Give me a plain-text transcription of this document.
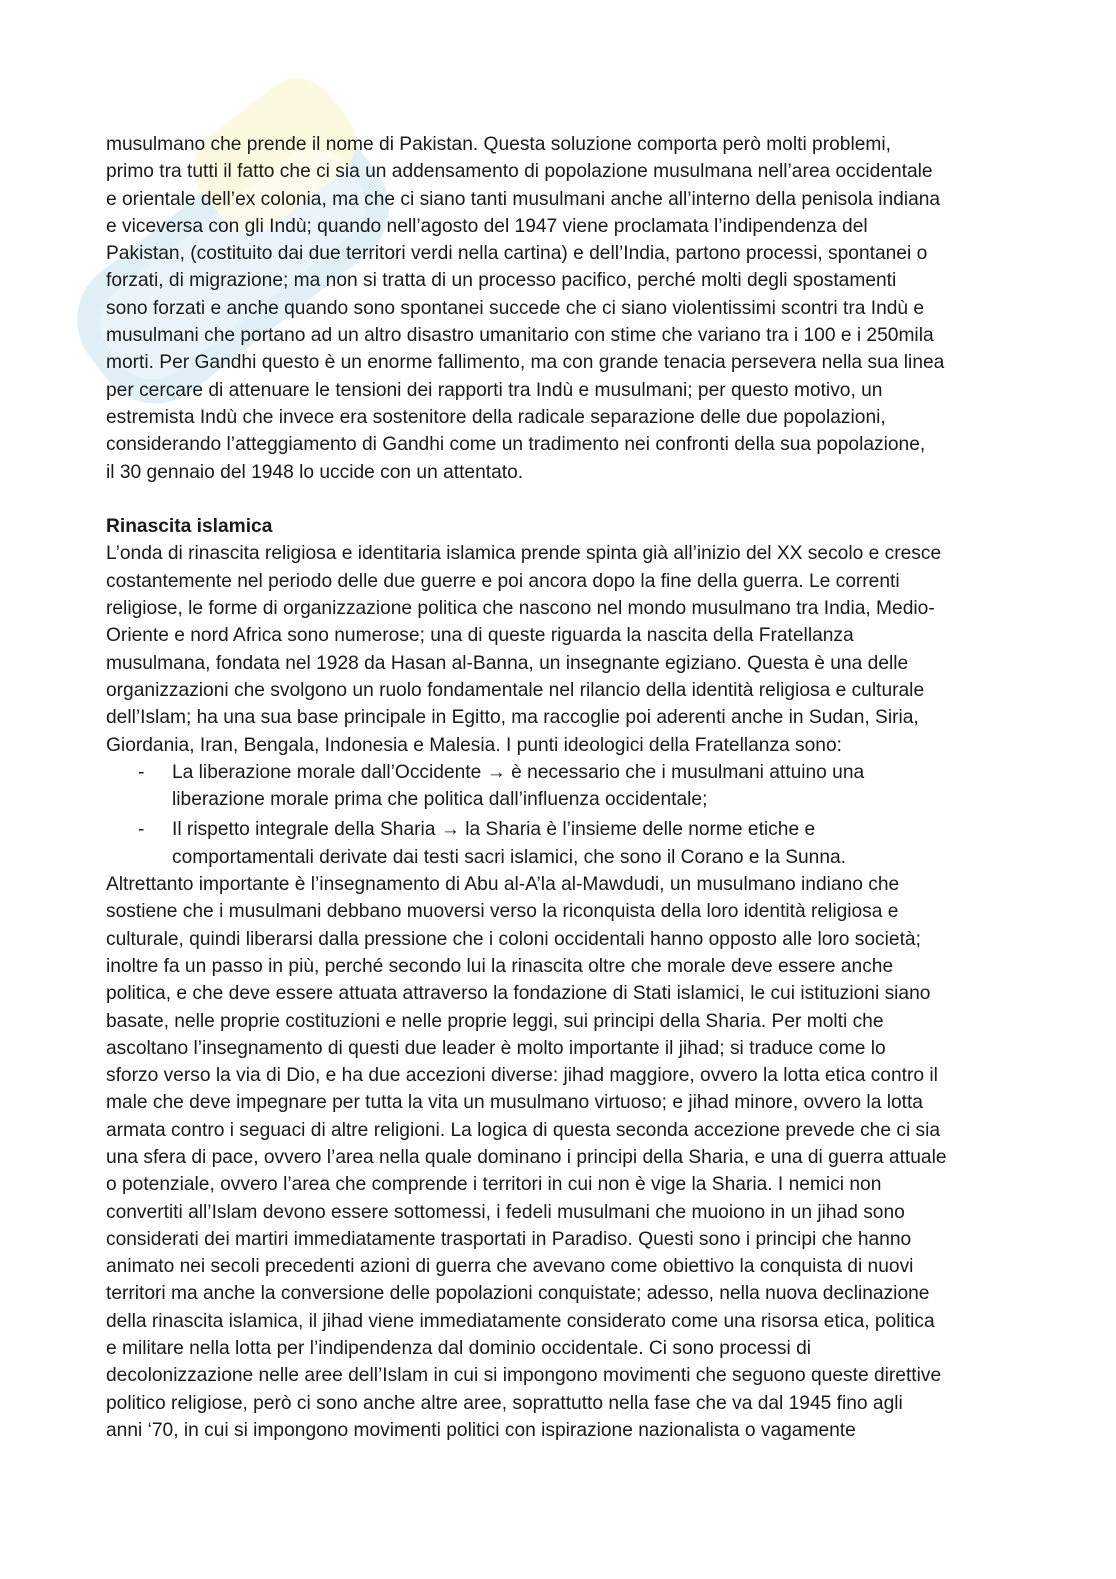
musulmano che prende il nome di Pakistan. Questa soluzione comporta però molti problemi,
primo tra tutti il fatto che ci sia un addensamento di popolazione musulmana nell’area occidentale
e orientale dell’ex colonia, ma che ci siano tanti musulmani anche all’interno della penisola indiana
e viceversa con gli Indù; quando nell’agosto del 1947 viene proclamata l’indipendenza del
Pakistan, (costituito dai due territori verdi nella cartina) e dell’India, partono processi, spontanei o
forzati, di migrazione; ma non si tratta di un processo pacifico, perché molti degli spostamenti
sono forzati e anche quando sono spontanei succede che ci siano violentissimi scontri tra Indù e
musulmani che portano ad un altro disastro umanitario con stime che variano tra i 100 e i 250mila
morti. Per Gandhi questo è un enorme fallimento, ma con grande tenacia persevera nella sua linea
per cercare di attenuare le tensioni dei rapporti tra Indù e musulmani; per questo motivo, un
estremista Indù che invece era sostenitore della radicale separazione delle due popolazioni,
considerando l’atteggiamento di Gandhi come un tradimento nei confronti della sua popolazione,
il 30 gennaio del 1948 lo uccide con un attentato.
Rinascita islamica
L’onda di rinascita religiosa e identitaria islamica prende spinta già all’inizio del XX secolo e cresce
costantemente nel periodo delle due guerre e poi ancora dopo la fine della guerra. Le correnti
religiose, le forme di organizzazione politica che nascono nel mondo musulmano tra India, Medio-
Oriente e nord Africa sono numerose; una di queste riguarda la nascita della Fratellanza
musulmana, fondata nel 1928 da Hasan al-Banna, un insegnante egiziano. Questa è una delle
organizzazioni che svolgono un ruolo fondamentale nel rilancio della identità religiosa e culturale
dell’Islam; ha una sua base principale in Egitto, ma raccoglie poi aderenti anche in Sudan, Siria,
Giordania, Iran, Bengala, Indonesia e Malesia. I punti ideologici della Fratellanza sono:
- La liberazione morale dall’Occidente → è necessario che i musulmani attuino una
liberazione morale prima che politica dall’influenza occidentale;
- Il rispetto integrale della Sharia → la Sharia è l’insieme delle norme etiche e
comportamentali derivate dai testi sacri islamici, che sono il Corano e la Sunna.
Altrettanto importante è l’insegnamento di Abu al-A’la al-Mawdudi, un musulmano indiano che
sostiene che i musulmani debbano muoversi verso la riconquista della loro identità religiosa e
culturale, quindi liberarsi dalla pressione che i coloni occidentali hanno opposto alle loro società;
inoltre fa un passo in più, perché secondo lui la rinascita oltre che morale deve essere anche
politica, e che deve essere attuata attraverso la fondazione di Stati islamici, le cui istituzioni siano
basate, nelle proprie costituzioni e nelle proprie leggi, sui principi della Sharia. Per molti che
ascoltano l’insegnamento di questi due leader è molto importante il jihad; si traduce come lo
sforzo verso la via di Dio, e ha due accezioni diverse: jihad maggiore, ovvero la lotta etica contro il
male che deve impegnare per tutta la vita un musulmano virtuoso; e jihad minore, ovvero la lotta
armata contro i seguaci di altre religioni. La logica di questa seconda accezione prevede che ci sia
una sfera di pace, ovvero l’area nella quale dominano i principi della Sharia, e una di guerra attuale
o potenziale, ovvero l’area che comprende i territori in cui non è vige la Sharia. I nemici non
convertiti all’Islam devono essere sottomessi, i fedeli musulmani che muoiono in un jihad sono
considerati dei martiri immediatamente trasportati in Paradiso. Questi sono i principi che hanno
animato nei secoli precedenti azioni di guerra che avevano come obiettivo la conquista di nuovi
territori ma anche la conversione delle popolazioni conquistate; adesso, nella nuova declinazione
della rinascita islamica, il jihad viene immediatamente considerato come una risorsa etica, politica
e militare nella lotta per l’indipendenza dal dominio occidentale. Ci sono processi di
decolonizzazione nelle aree dell’Islam in cui si impongono movimenti che seguono queste direttive
politico religiose, però ci sono anche altre aree, soprattutto nella fase che va dal 1945 fino agli
anni ‘70, in cui si impongono movimenti politici con ispirazione nazionalista o vagamente
